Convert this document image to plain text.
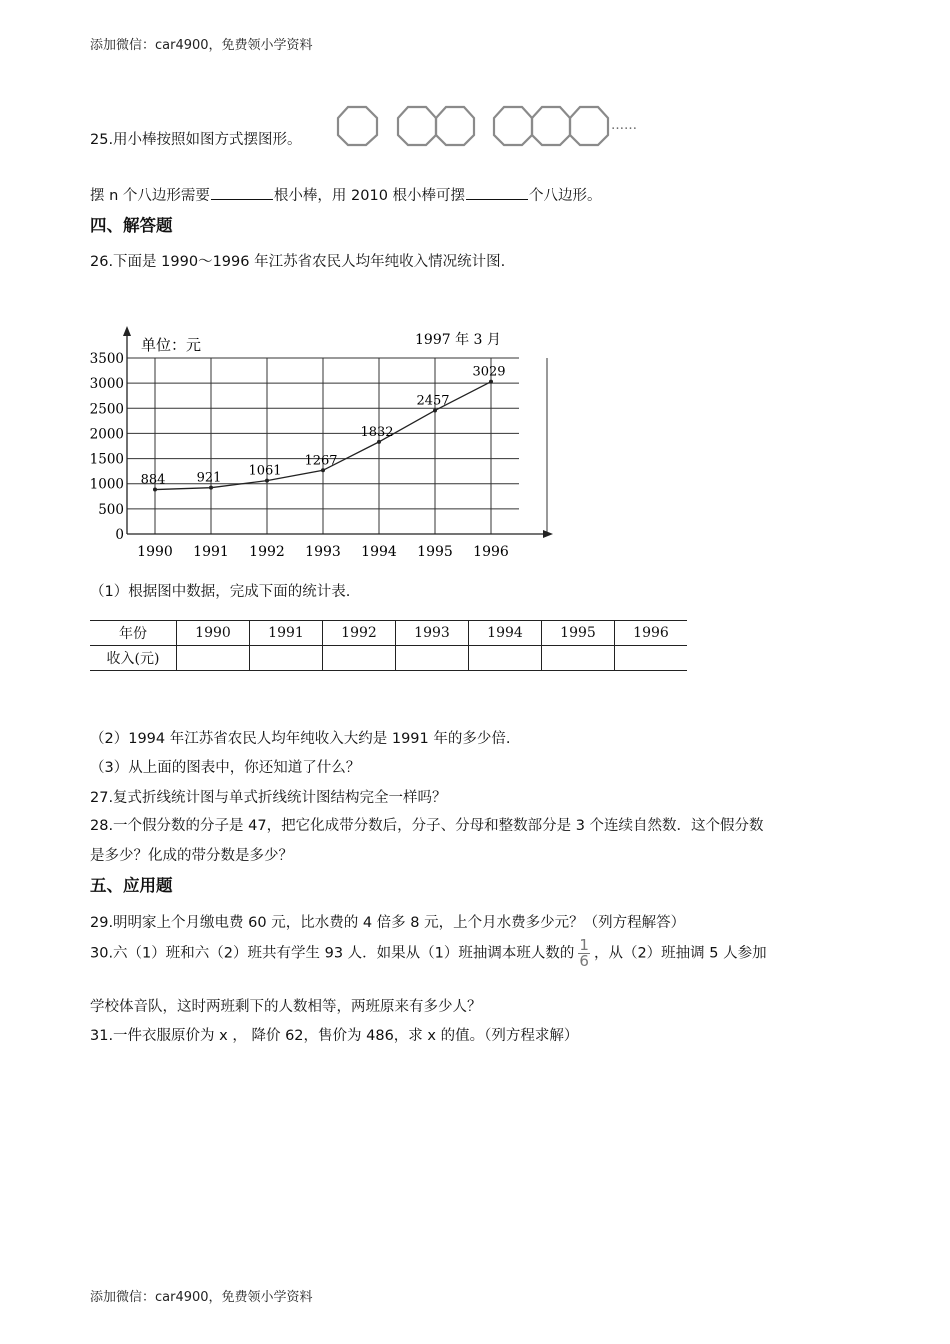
添加微信：car4900，免费领小学资料
添加微信：car4900，免费领小学资料
25.用小棒按照如图方式摆图形。
……
摆 n 个八边形需要	根小棒，用 2010 根小棒可摆	个八边形。
四、解答题
26.下面是 1990～1996 年江苏省农民人均年纯收入情况统计图.
单位：元	1997 年 3 月
0
500
1000
1500
2000
2500
3000
3500
1990 1991 1992 1993 1994 1995 1996
884 921 1061
1267
1832
2457
3029
（1）根据图中数据，完成下面的统计表.
年份	1990	1991	1992	1993	1994	1995	1996
收入(元)							
（2）1994 年江苏省农民人均年纯收入大约是 1991 年的多少倍.
（3）从上面的图表中，你还知道了什么？
27.复式折线统计图与单式折线统计图结构完全一样吗？
28.一个假分数的分子是 47，把它化成带分数后，分子、分母和整数部分是 3 个连续自然数．这个假分数
是多少？化成的带分数是多少？
五、应用题
29.明明家上个月缴电费 60 元，比水费的 4 倍多 8 元，上个月水费多少元？（列方程解答）
30.六（1）班和六（2）班共有学生 93 人．如果从（1）班抽调本班人数的 $\frac{1}{6}$ ，从（2）班抽调 5 人参加
学校体音队，这时两班剩下的人数相等，两班原来有多少人？
31.一件衣服原价为 x ， 降价 62，售价为 486，求 x 的值。（列方程求解）
